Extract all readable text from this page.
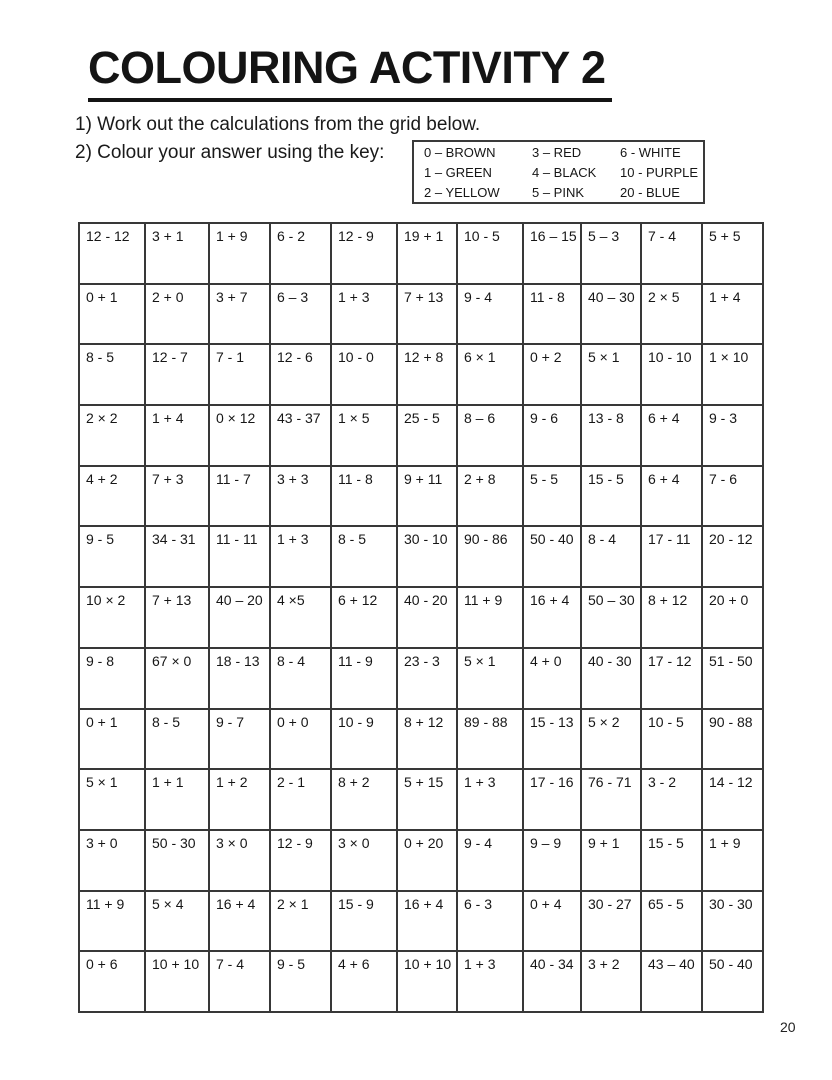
COLOURING ACTIVITY 2
1) Work out the calculations from the grid below.
2) Colour your answer using the key:	0 – BROWN	3 – RED	6 - WHITE
1 – GREEN	4 – BLACK	10 - PURPLE
2 – YELLOW	5 – PINK	20 - BLUE
12 - 12	3 + 1	1 + 9	6 - 2	12 - 9	19 + 1	10 - 5	16 – 15	5 – 3	7 - 4	5 + 5
0 + 1	2 + 0	3 + 7	6 – 3	1 + 3	7 + 13	9 - 4	11 - 8	40 – 30	2 × 5	1 + 4
8 - 5	12 - 7	7 - 1	12 - 6	10 - 0	12 + 8	6 × 1	0 + 2	5 × 1	10 - 10	1 × 10
2 × 2	1 + 4	0 × 12	43 - 37	1 × 5	25 - 5	8 – 6	9 - 6	13 - 8	6 + 4	9 - 3
4 + 2	7 + 3	11 - 7	3 + 3	11 - 8	9 + 11	2 + 8	5 - 5	15 - 5	6 + 4	7 - 6
9 - 5	34 - 31	11 - 11	1 + 3	8 - 5	30 - 10	90 - 86	50 - 40	8 - 4	17 - 11	20 - 12
10 × 2	7 + 13	40 – 20	4 ×5	6 + 12	40 - 20	11 + 9	16 + 4	50 – 30	8 + 12	20 + 0
9 - 8	67 × 0	18 - 13	8 - 4	11 - 9	23 - 3	5 × 1	4 + 0	40 - 30	17 - 12	51 - 50
0 + 1	8 - 5	9 - 7	0 + 0	10 - 9	8 + 12	89 - 88	15 - 13	5 × 2	10 - 5	90 - 88
5 × 1	1 + 1	1 + 2	2 - 1	8 + 2	5 + 15	1 + 3	17 - 16	76 - 71	3 - 2	14 - 12
3 + 0	50 - 30	3 × 0	12 - 9	3 × 0	0 + 20	9 - 4	9 – 9	9 + 1	15 - 5	1 + 9
11 + 9	5 × 4	16 + 4	2 × 1	15 - 9	16 + 4	6 - 3	0 + 4	30 - 27	65 - 5	30 - 30
0 + 6	10 + 10	7 - 4	9 - 5	4 + 6	10 + 10	1 + 3	40 - 34	3 + 2	43 – 40	50 - 40
20
